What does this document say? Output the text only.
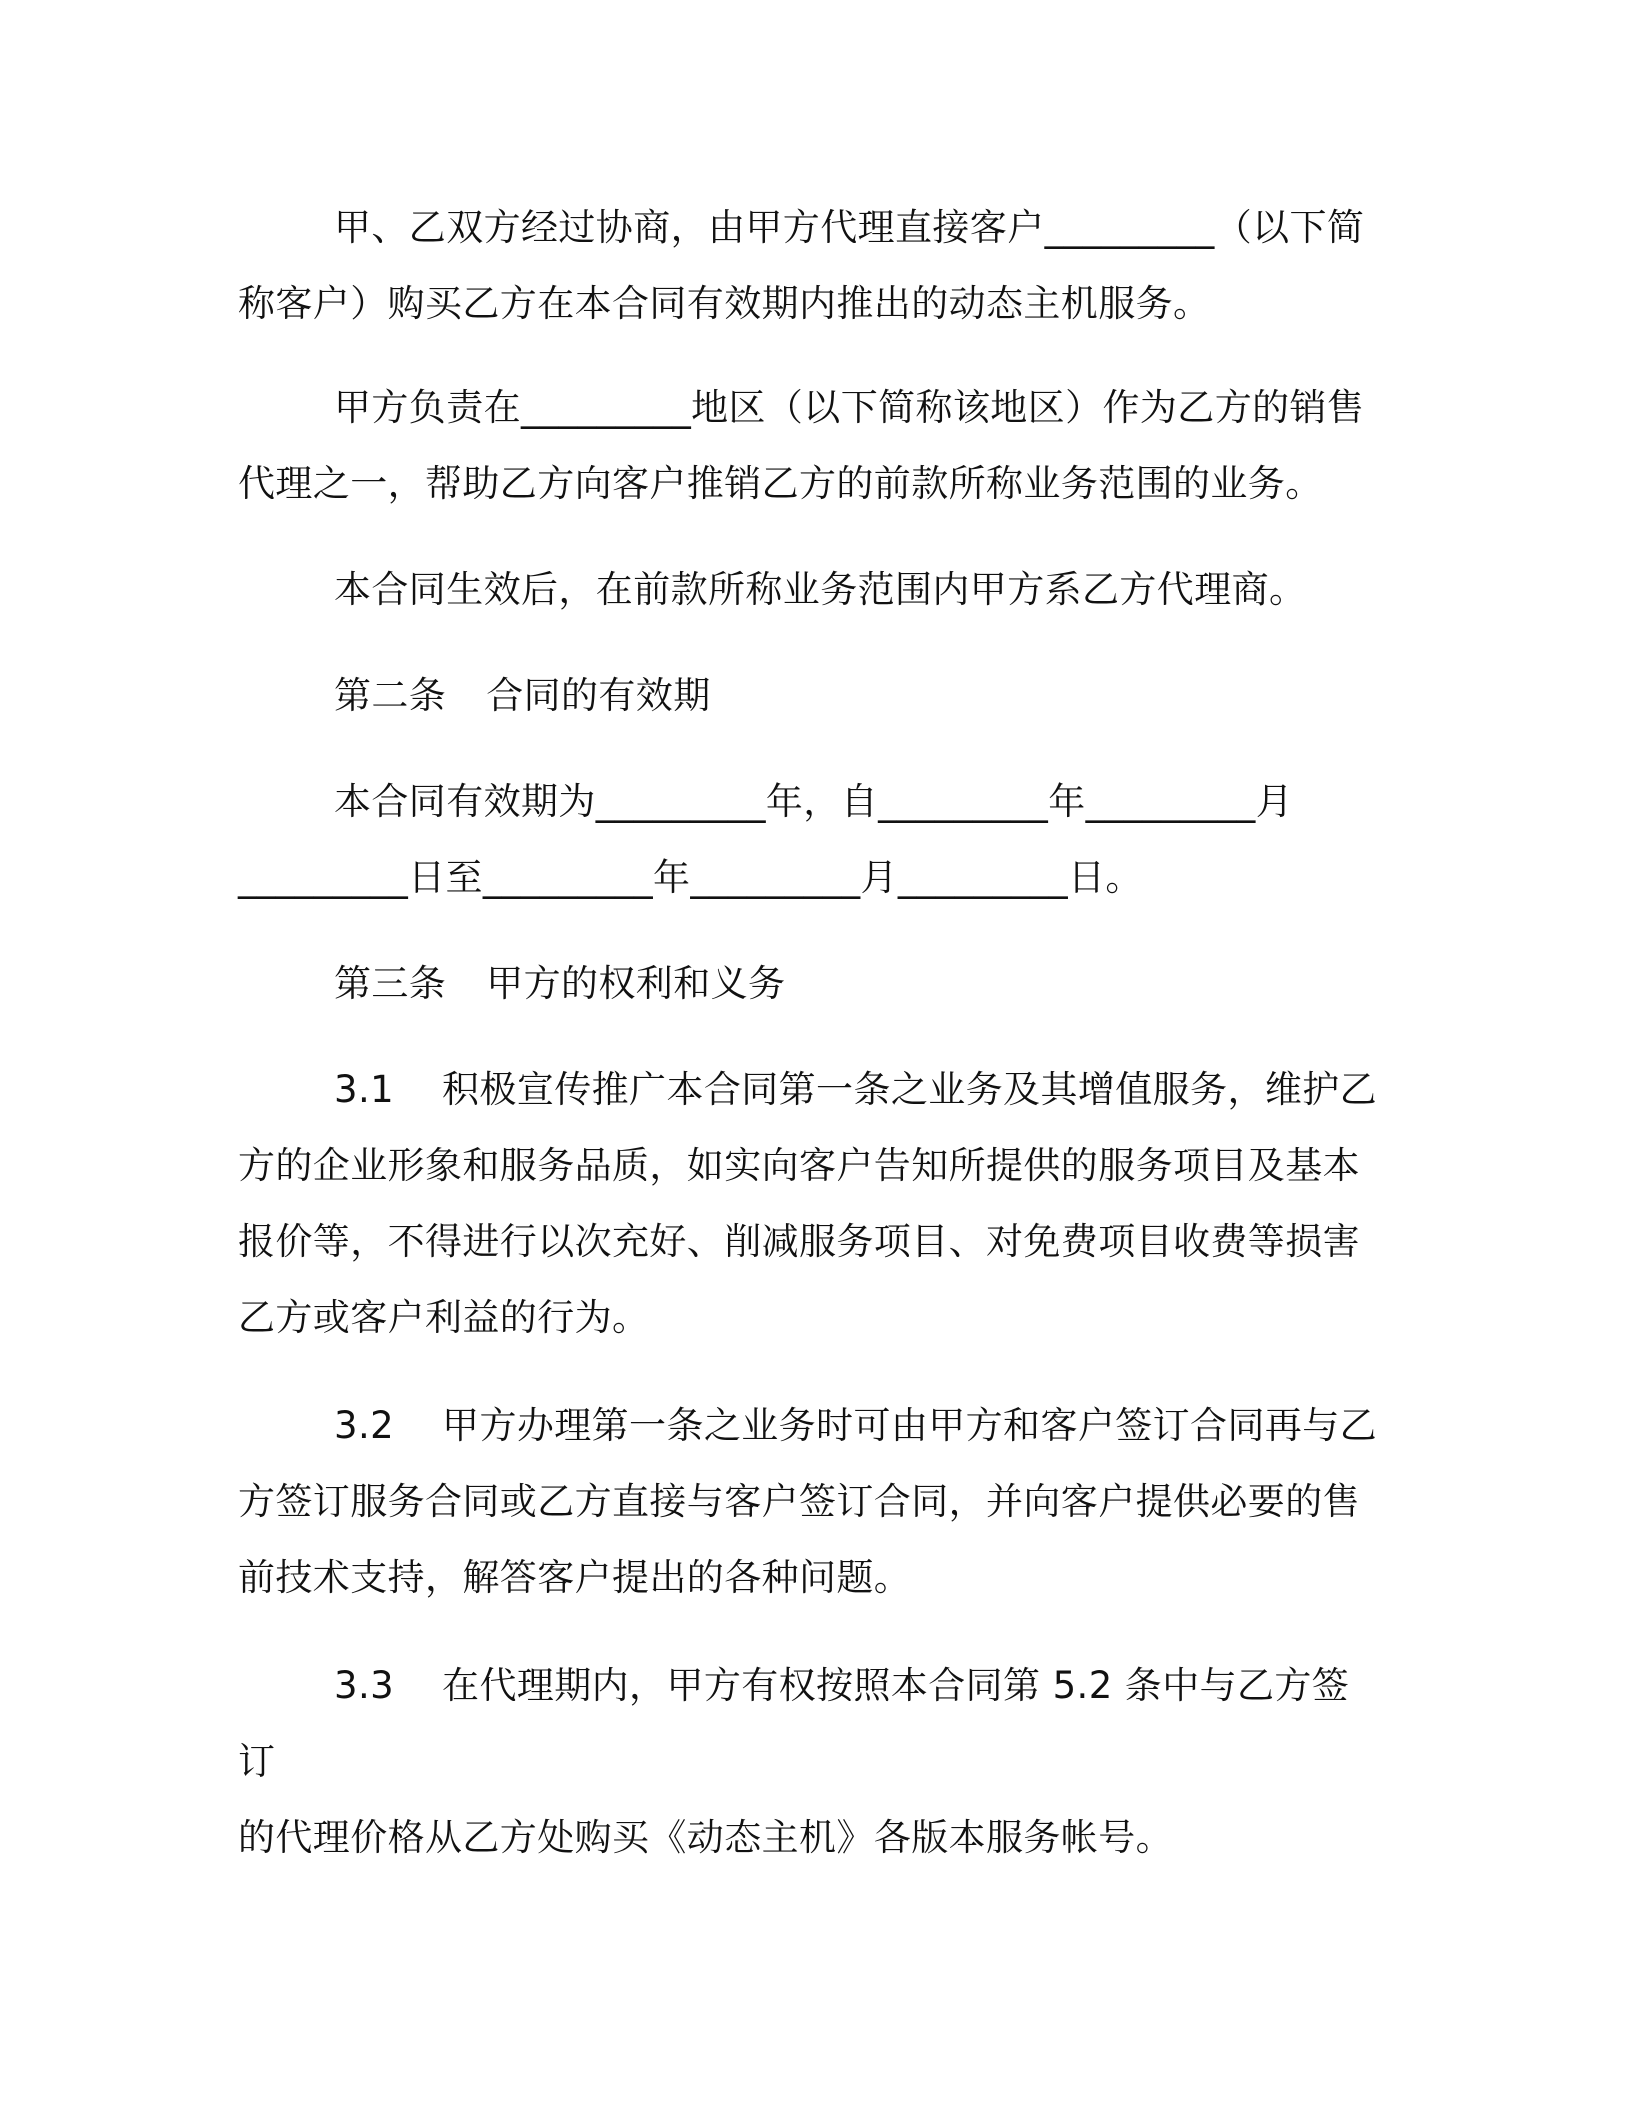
甲、乙双方经过协商，由甲方代理直接客户_________（以下简
称客户）购买乙方在本合同有效期内推出的动态主机服务。
甲方负责在_________地区（以下简称该地区）作为乙方的销售
代理之一，帮助乙方向客户推销乙方的前款所称业务范围的业务。
本合同生效后，在前款所称业务范围内甲方系乙方代理商。
第二条 合同的有效期
本合同有效期为_________年，自_________年_________月
_________日至_________年_________月_________日。
第三条 甲方的权利和义务
3.1 积极宣传推广本合同第一条之业务及其增值服务，维护乙
方的企业形象和服务品质，如实向客户告知所提供的服务项目及基本
报价等，不得进行以次充好、削减服务项目、对免费项目收费等损害
乙方或客户利益的行为。
3.2 甲方办理第一条之业务时可由甲方和客户签订合同再与乙
方签订服务合同或乙方直接与客户签订合同，并向客户提供必要的售
前技术支持，解答客户提出的各种问题。
3.3 在代理期内，甲方有权按照本合同第 5.2 条中与乙方签订
的代理价格从乙方处购买《动态主机》各版本服务帐号。
